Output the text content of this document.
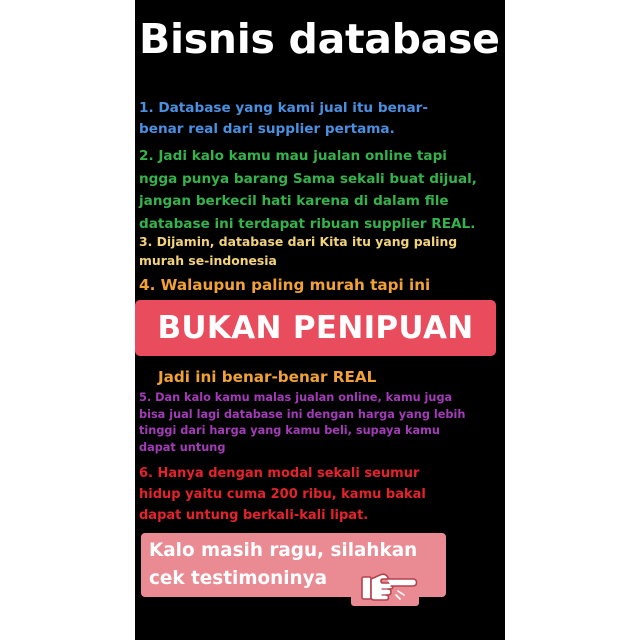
Bisnis database
1. Database yang kami jual itu benar-
benar real dari supplier pertama.
2. Jadi kalo kamu mau jualan online tapi
ngga punya barang Sama sekali buat dijual,
jangan berkecil hati karena di dalam file
database ini terdapat ribuan supplier REAL.
3. Dijamin, database dari Kita itu yang paling
murah se-indonesia
4. Walaupun paling murah tapi ini
BUKAN PENIPUAN
Jadi ini benar-benar REAL
5. Dan kalo kamu malas jualan online, kamu juga
bisa jual lagi database ini dengan harga yang lebih
tinggi dari harga yang kamu beli, supaya kamu
dapat untung
6. Hanya dengan modal sekali seumur
hidup yaitu cuma 200 ribu, kamu bakal
dapat untung berkali-kali lipat.
Kalo masih ragu, silahkan
cek testimoninya
